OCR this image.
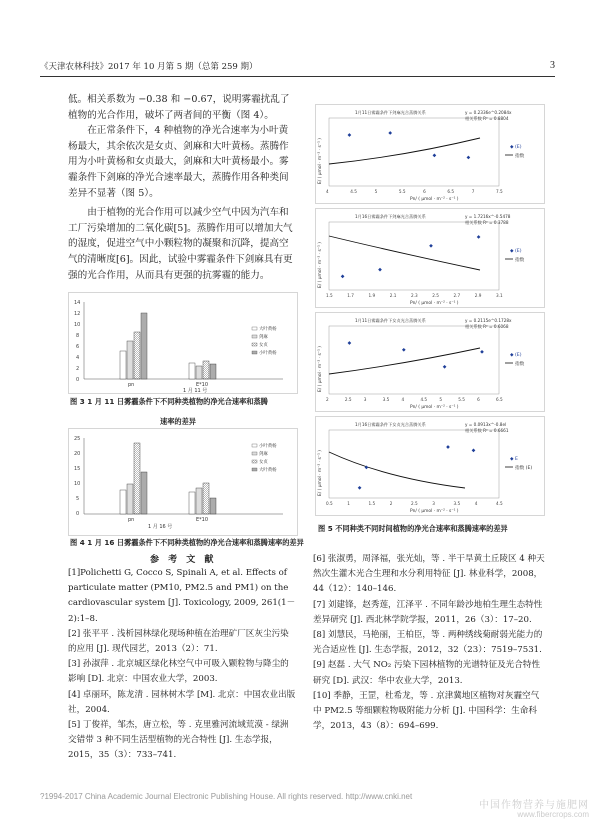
《天津农林科技》2017 年 10 月第 5 期（总第 259 期）	3

低。相关系数为 −0.38 和 −0.67，说明雾霾扰乱了植物的光合作用，破坏了两者间的平衡（图 4）。

在正常条件下，4 种植物的净光合速率为小叶黄杨最大，其余依次是女贞、剑麻和大叶黄杨。蒸腾作用为小叶黄杨和女贞最大，剑麻和大叶黄杨最小。雾霾条件下剑麻的净光合速率最大，蒸腾作用各种类间差异不显著（图 5）。

由于植物的光合作用可以减少空气中因为汽车和工厂污染增加的二氧化碳[5]。蒸腾作用可以增加大气的湿度，促进空气中小颗粒物的凝聚和沉降，提高空气的清晰度[6]。因此，试验中雾霾条件下剑麻具有更强的光合作用，从而具有更强的抗雾霾的能力。

14
12
10
8
6
4
2
0
pn	E*10
1 月 11 号
大叶黄杨
剑麻
女贞
小叶黄杨
图 3 1 月 11 日雾霾条件下不同种类植物的净光合速率和蒸腾
速率的差异
25
20
15
10
5
0
pn	E*10
1 月 16 号
小叶黄杨
剑麻
女贞
大叶黄杨
图 4 1 月 16 日雾霾条件下不同种类植物的净光合速率和蒸腾速率的差异
1月11日雾霾条件下剑麻光合蒸腾关系	y = 0.2336e^0.2084x
相关系数 R² = 0.8804
4	4.5	5	5.5	6	6.5	7	7.5
Pn/ ( μmol · m⁻² · s⁻¹ )
E/ ( μmol · m⁻² · s⁻¹ )	◆ (E)
指数
1月16日雾霾条件下剑麻光合蒸腾关系	y = 1.7216x^-0.5478
相关系数 R² = 0.3788
1.5	1.7	1.9	2.1	2.3	2.5	2.7	2.9	3.1
Pn/ ( μmol · m⁻² · s⁻¹ )
E/ ( μmol · m⁻² · s⁻¹ )	◆ (E)
指数
1月11日雾霾条件下女贞光合蒸腾关系	y = 0.2115e^0.1728x
相关系数 R² = 0.6068
2	2.5	3	3.5	4	4.5	5	5.5	6	6.5
Pn/ ( μmol · m⁻² · s⁻¹ )
E/ ( μmol · m⁻² · s⁻¹ )	◆ (E)
指数
1月16日雾霾条件下女贞光合蒸腾关系	y = 0.0913x^-0.8el
相关系数 R² = 0.6661
0.5	1	1.5	2	2.5	3	3.5	4	4.5
Pn/ ( μmol · m⁻² · s⁻¹ )
E/ ( μmol · m⁻² · s⁻¹ )	◆ E
指数 (E)
图 5 不同种类不同时间植物的净光合速率和蒸腾速率的差异
参 考 文 献
[1]Polichetti G, Cocco S, Spinali A, et al. Effects of particulate matter (PM10, PM2.5 and PM1) on the cardiovascular system [J]. Toxicology, 2009, 261(1－2):1–8.
[2] 张平平 . 浅析园林绿化现场种植在治理矿厂区灰尘污染的应用 [J]. 现代园艺，2013（2）：71.
[3] 孙淑萍 . 北京城区绿化林空气中可吸入颗粒物与降尘的影响 [D]. 北京：中国农业大学，2003.
[4] 卓丽环，陈龙清 . 园林树木学 [M]. 北京：中国农业出版社，2004.
[5] 丁俊祥，邹杰，唐立松，等 . 克里雅河流域荒漠 - 绿洲交错带 3 种不同生活型植物的光合特性 [J]. 生态学报，2015，35（3）：733–741.
[6] 张淑勇，周泽福，张光灿，等 . 半干旱黄土丘陵区 4 种天然次生灌木光合生理和水分利用特征 [J]. 林业科学，2008，44（12）：140–146.
[7] 刘建锋，赵秀莲，江泽平 . 不同年龄沙地柏生理生态特性差异研究 [J]. 西北林学院学报，2011，26（3）：17–20.
[8] 刘慧民，马艳丽，王柏臣，等 . 两种绣线菊耐弱光能力的光合适应性 [J]. 生态学报，2012，32（23）：7519–7531.
[9] 赵磊 . 大气 NO₂ 污染下园林植物的光谱特征及光合特性研究 [D]. 武汉：华中农业大学，2013.
[10] 季静，王罡，杜希龙，等 . 京津冀地区植物对灰霾空气中 PM2.5 等细颗粒物吸附能力分析 [J]. 中国科学：生命科学，2013，43（8）：694–699.
?1994-2017 China Academic Journal Electronic Publishing House. All rights reserved. http://www.cnki.net
中国作物营养与施肥网
www.fibercrops.com
